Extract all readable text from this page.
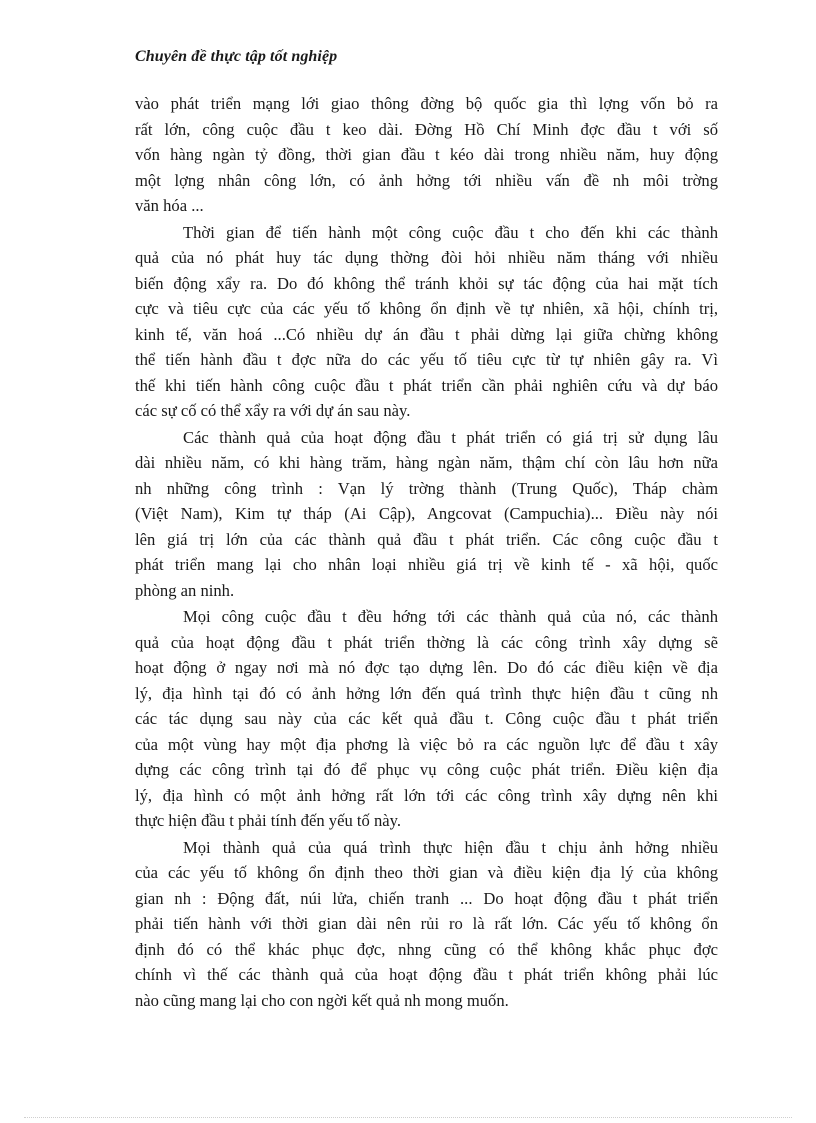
Chuyên đề thực tập tốt nghiệp
vào phát triển mạng lới giao thông đờng bộ quốc gia thì lợng vốn bỏ ra
rất lớn, công cuộc đầu t keo dài. Đờng Hồ Chí Minh đợc đầu t với số
vốn hàng ngàn tỷ đồng, thời gian đầu t kéo dài trong nhiều năm, huy động
một lợng nhân công lớn, có ảnh hởng tới nhiều vấn đề nh môi trờng
văn hóa ...
Thời gian để tiến hành một công cuộc đầu t cho đến khi các thành
quả của nó phát huy tác dụng thờng đòi hỏi nhiều năm tháng với nhiều
biến động xẩy ra. Do đó không thể tránh khỏi sự tác động của hai mặt tích
cực và tiêu cực của các yếu tố không ổn định về tự nhiên, xã hội, chính trị,
kinh tế, văn hoá ...Có nhiều dự án đầu t phải dừng lại giữa chừng không
thể tiến hành đầu t đợc nữa do các yếu tố tiêu cực từ tự nhiên gây ra. Vì
thế khi tiến hành công cuộc đầu t phát triển cần phải nghiên cứu và dự báo
các sự cố có thể xẩy ra với dự án sau này.
Các thành quả của hoạt động đầu t phát triển có giá trị sử dụng lâu
dài nhiều năm, có khi hàng trăm, hàng ngàn năm, thậm chí còn lâu hơn nữa
nh những công trình : Vạn lý trờng thành (Trung Quốc), Tháp chàm
(Việt Nam), Kim tự tháp (Ai Cập), Angcovat (Campuchia)... Điều này nói
lên giá trị lớn của các thành quả đầu t phát triển. Các công cuộc đầu t
phát triển mang lại cho nhân loại nhiều giá trị về kinh tế - xã hội, quốc
phòng an ninh.
Mọi công cuộc đầu t đều hớng tới các thành quả của nó, các thành
quả của hoạt động đầu t phát triển thờng là các công trình xây dựng sẽ
hoạt động ở ngay nơi mà nó đợc tạo dựng lên. Do đó các điều kiện về địa
lý, địa hình tại đó có ảnh hởng lớn đến quá trình thực hiện đầu t cũng nh
các tác dụng sau này của các kết quả đầu t. Công cuộc đầu t phát triển
của một vùng hay một địa phơng là việc bỏ ra các nguồn lực để đầu t xây
dựng các công trình tại đó để phục vụ công cuộc phát triển. Điều kiện địa
lý, địa hình có một ảnh hởng rất lớn tới các công trình xây dựng nên khi
thực hiện đầu t phải tính đến yếu tố này.
Mọi thành quả của quá trình thực hiện đầu t chịu ảnh hởng nhiều
của các yếu tố không ổn định theo thời gian và điều kiện địa lý của không
gian nh : Động đất, núi lửa, chiến tranh ... Do hoạt động đầu t phát triển
phải tiến hành với thời gian dài nên rủi ro là rất lớn. Các yếu tố không ổn
định đó có thể khác phục đợc, nhng cũng có thể không khắc phục đợc
chính vì thế các thành quả của hoạt động đầu t phát triển không phải lúc
nào cũng mang lại cho con ngời kết quả nh mong muốn.
